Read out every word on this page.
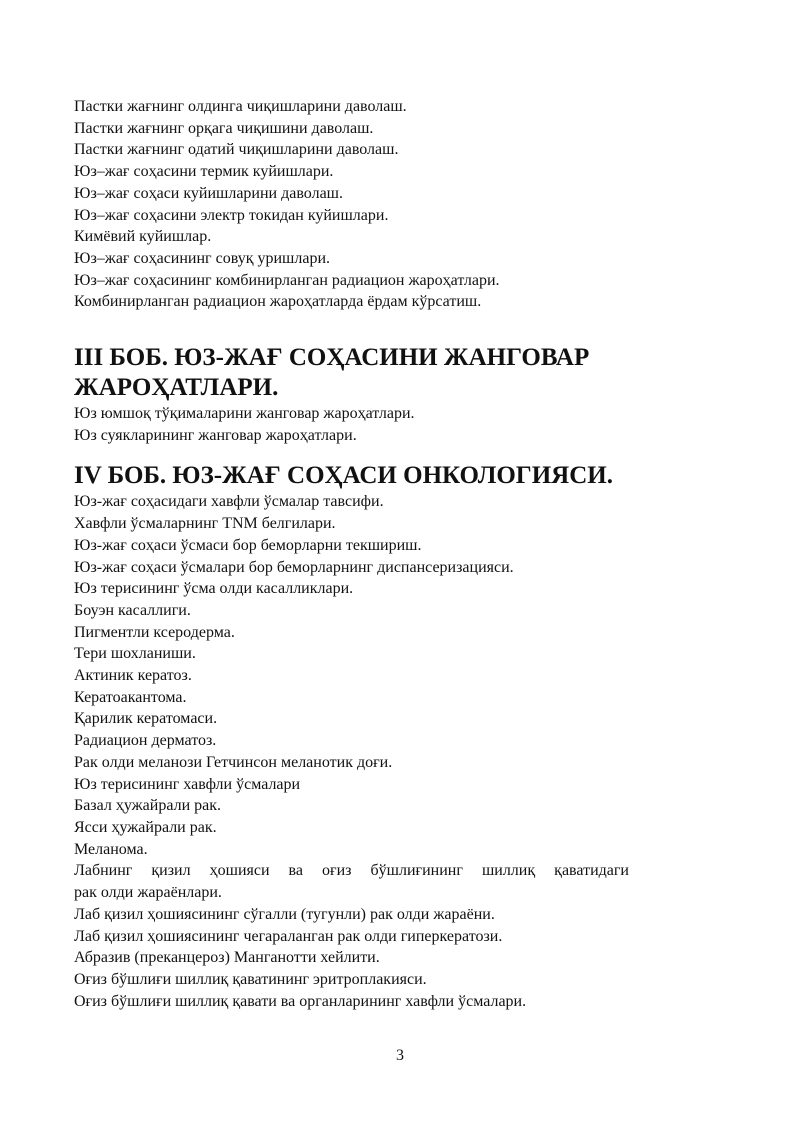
Пастки жағнинг олдинга чиқишларини даволаш.
Пастки жағнинг орқага чиқишини даволаш.
Пастки жағнинг одатий чиқишларини даволаш.
Юз–жағ соҳасини термик куйишлари.
Юз–жағ соҳаси куйишларини даволаш.
Юз–жағ соҳасини электр токидан куйишлари.
Кимёвий куйишлар.
Юз–жағ соҳасининг совуқ уришлари.
Юз–жағ соҳасининг комбинирланган радиацион жароҳатлари.
Комбинирланган радиацион жароҳатларда ёрдам кўрсатиш.
III БОБ. ЮЗ-ЖАҒ СОҲАСИНИ ЖАНГОВАР
ЖАРОҲАТЛАРИ.
Юз юмшоқ тўқималарини жанговар жароҳатлари.
Юз суякларининг жанговар жароҳатлари.
IV БОБ. ЮЗ-ЖАҒ СОҲАСИ ОНКОЛОГИЯСИ.
Юз-жағ соҳасидаги хавфли ўсмалар тавсифи.
Хавфли ўсмаларнинг TNM белгилари.
Юз-жағ соҳаси ўсмаси бор беморларни текшириш.
Юз-жағ соҳаси ўсмалари бор беморларнинг диспансеризацияси.
Юз терисининг ўсма олди касалликлари.
Боуэн касаллиги.
Пигментли ксеродерма.
Тери шохланиши.
Актиник кератоз.
Кератоакантома.
Қарилик кератомаси.
Радиацион дерматоз.
Рак олди меланози Гетчинсон меланотик доғи.
Юз терисининг хавфли ўсмалари
Базал ҳужайрали рак.
Ясси ҳужайрали рак.
Меланома.
Лабнинг қизил ҳошияси ва оғиз бўшлиғининг шиллиқ қаватидаги
рак олди жараёнлари.
Лаб қизил ҳошиясининг сўгалли (тугунли) рак олди жараёни.
Лаб қизил ҳошиясининг чегараланган рак олди гиперкератози.
Абразив (преканцероз) Манганотти хейлити.
Оғиз бўшлиғи шиллиқ қаватининг эритроплакияси.
Оғиз бўшлиғи шиллиқ қавати ва органларининг хавфли ўсмалари.
3
